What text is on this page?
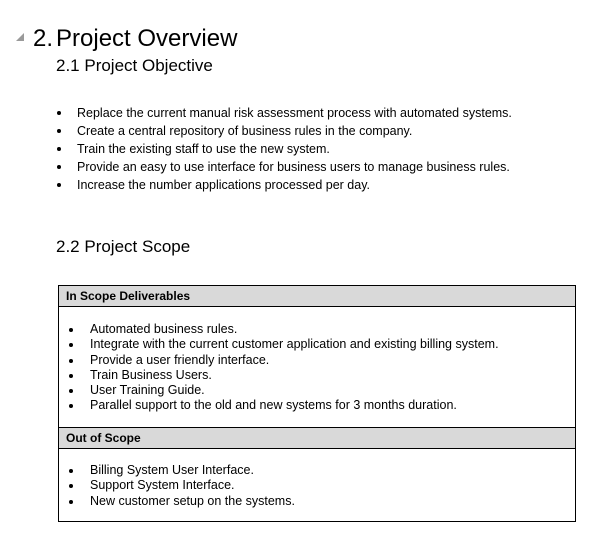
2. Project Overview
2.1 Project Objective
Replace the current manual risk assessment process with automated systems.
Create a central repository of business rules in the company.
Train the existing staff to use the new system.
Provide an easy to use interface for business users to manage business rules.
Increase the number applications processed per day.
2.2 Project Scope
In Scope Deliverables
Automated business rules.
Integrate with the current customer application and existing billing system.
Provide a user friendly interface.
Train Business Users.
User Training Guide.
Parallel support to the old and new systems for 3 months duration.
Out of Scope
Billing System User Interface.
Support System Interface.
New customer setup on the systems.
